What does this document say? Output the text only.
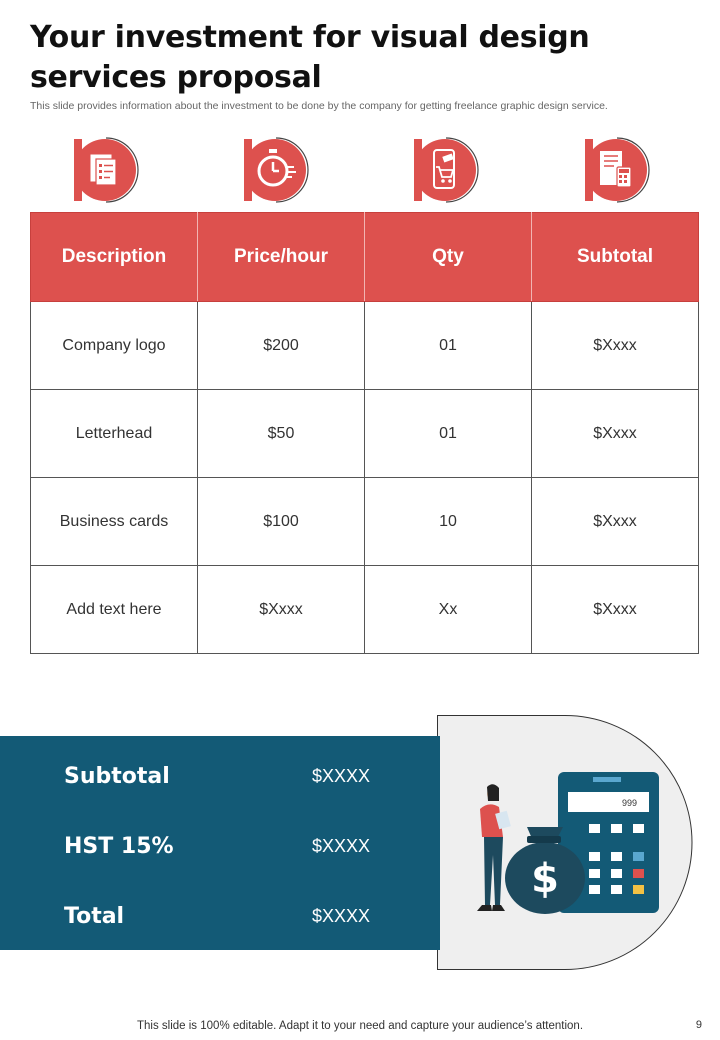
Your investment for visual design services proposal
This slide provides information about the investment to be done by the company for getting freelance graphic design service.
Description	Price/hour	Qty	Subtotal
Company logo	$200	01	$Xxxx
Letterhead	$50	01	$Xxxx
Business cards	$100	10	$Xxxx
Add text here	$Xxxx	Xx	$Xxxx
999
$
Subtotal	$XXXX
HST 15%	$XXXX
Total	$XXXX
This slide is 100% editable. Adapt it to your need and capture your audience’s attention.	9
